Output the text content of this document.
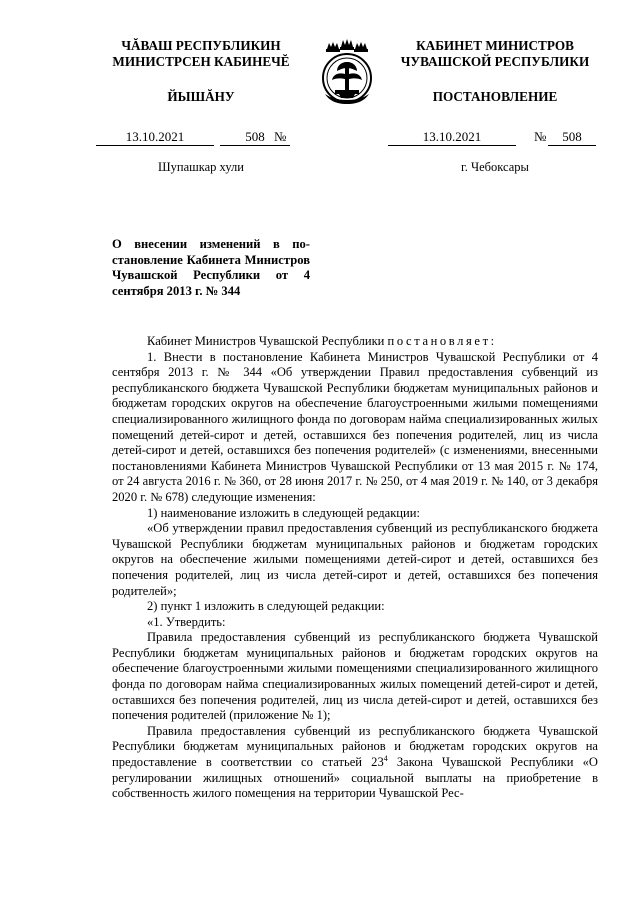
ЧĂВАШ РЕСПУБЛИКИН
МИНИСТРСЕН КАБИНЕЧĔ
ЙЫШĂНУ
КАБИНЕТ МИНИСТРОВ
ЧУВАШСКОЙ РЕСПУБЛИКИ
ПОСТАНОВЛЕНИЕ
13.10.2021	508 №	13.10.2021	№	508
Шупашкар хули	г. Чебоксары
О внесении изменений в постановление Кабинета Министров Чувашской Республики от 4 сентября 2013 г. № 344

Кабинет Министров Чувашской Республики постановляет:

1. Внести в постановление Кабинета Министров Чувашской Республики от 4 сентября 2013 г. № 344 «Об утверждении Правил предоставления субвенций из республиканского бюджета Чувашской Республики бюджетам муниципальных районов и бюджетам городских округов на обеспечение благоустроенными жилыми помещениями специализированного жилищного фонда по договорам найма специализированных жилых помещений детей-сирот и детей, оставшихся без попечения родителей, лиц из числа детей-сирот и детей, оставшихся без попечения родителей» (с изменениями, внесенными постановлениями Кабинета Министров Чувашской Республики от 13 мая 2015 г. № 174, от 24 августа 2016 г. № 360, от 28 июня 2017 г. № 250, от 4 мая 2019 г. № 140, от 3 декабря 2020 г. № 678) следующие изменения:

1) наименование изложить в следующей редакции:

«Об утверждении правил предоставления субвенций из республиканского бюджета Чувашской Республики бюджетам муниципальных районов и бюджетам городских округов на обеспечение жилыми помещениями детей-сирот и детей, оставшихся без попечения родителей, лиц из числа детей-сирот и детей, оставшихся без попечения родителей»;

2) пункт 1 изложить в следующей редакции:

«1. Утвердить:

Правила предоставления субвенций из республиканского бюджета Чувашской Республики бюджетам муниципальных районов и бюджетам городских округов на обеспечение благоустроенными жилыми помещениями специализированного жилищного фонда по договорам найма специализированных жилых помещений детей-сирот и детей, оставшихся без попечения родителей, лиц из числа детей-сирот и детей, оставшихся без попечения родителей (приложение № 1);

Правила предоставления субвенций из республиканского бюджета Чувашской Республики бюджетам муниципальных районов и бюджетам городских округов на предоставление в соответствии со статьей $23^4$ Закона Чувашской Республики «О регулировании жилищных отношений» социальной выплаты на приобретение в собственность жилого помещения на территории Чувашской Рес-
